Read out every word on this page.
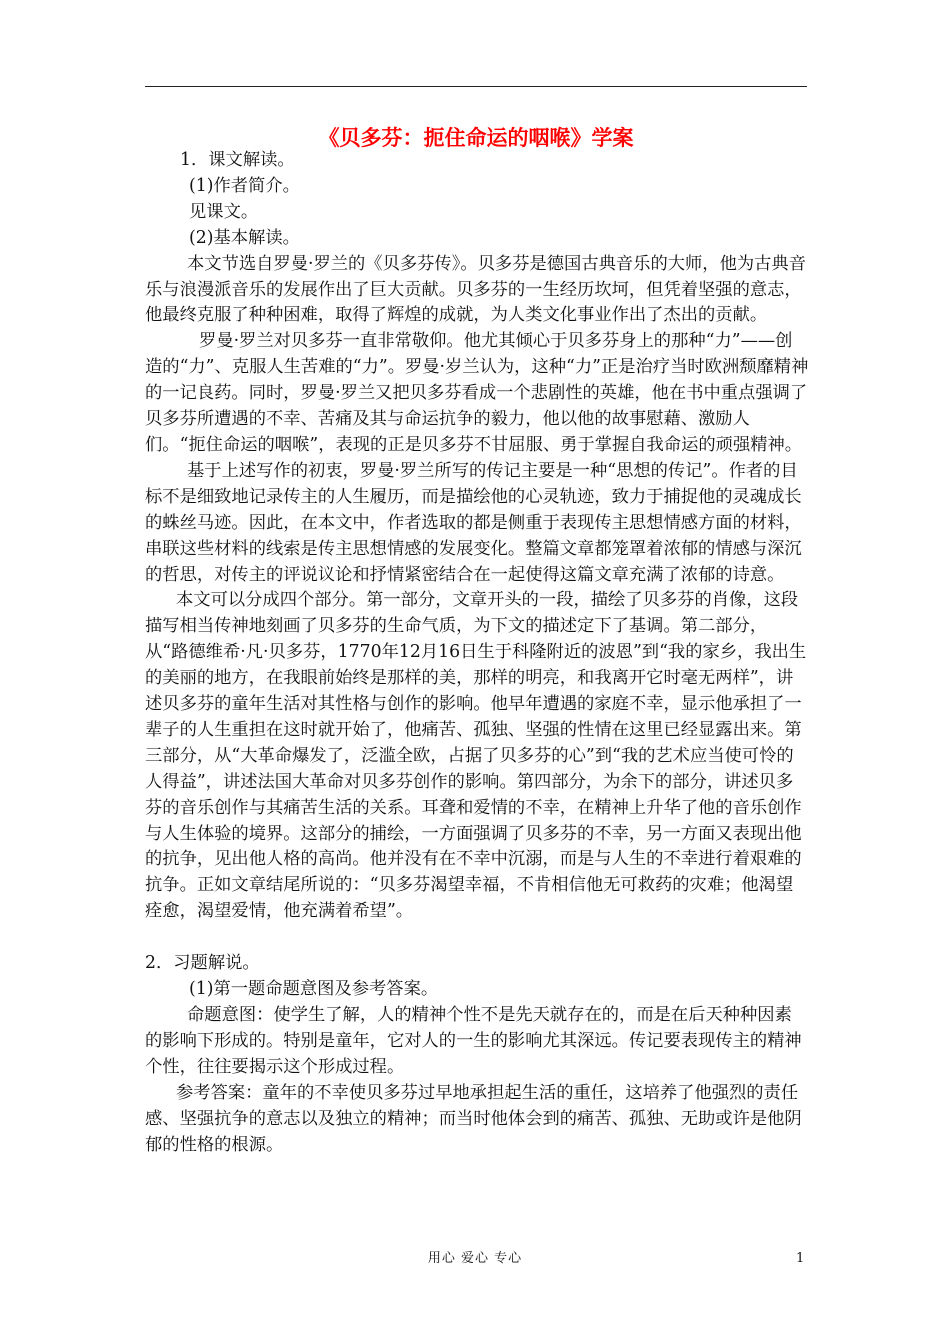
《贝多芬：扼住命运的咽喉》学案

1．课文解读。

(1)作者简介。

见课文。

(2)基本解读。

本文节选自罗曼·罗兰的《贝多芬传》。贝多芬是德国古典音乐的大师，他为古典音乐与浪漫派音乐的发展作出了巨大贡献。贝多芬的一生经历坎坷，但凭着坚强的意志，他最终克服了种种困难，取得了辉煌的成就，为人类文化事业作出了杰出的贡献。

罗曼·罗兰对贝多芬一直非常敬仰。他尤其倾心于贝多芬身上的那种“力”——创造的“力”、克服人生苦难的“力”。罗曼·岁兰认为，这种“力”正是治疗当时欧洲颓靡精神的一记良药。同时，罗曼·罗兰又把贝多芬看成一个悲剧性的英雄，他在书中重点强调了贝多芬所遭遇的不幸、苦痛及其与命运抗争的毅力，他以他的故事慰藉、激励人们。“扼住命运的咽喉”，表现的正是贝多芬不甘屈服、勇于掌握自我命运的顽强精神。

基于上述写作的初衷，罗曼·罗兰所写的传记主要是一种“思想的传记”。作者的目标不是细致地记录传主的人生履历，而是描绘他的心灵轨迹，致力于捕捉他的灵魂成长的蛛丝马迹。因此，在本文中，作者选取的都是侧重于表现传主思想情感方面的材料，串联这些材料的线索是传主思想情感的发展变化。整篇文章都笼罩着浓郁的情感与深沉的哲思，对传主的评说议论和抒情紧密结合在一起使得这篇文章充满了浓郁的诗意。

本文可以分成四个部分。第一部分，文章开头的一段，描绘了贝多芬的肖像，这段描写相当传神地刻画了贝多芬的生命气质，为下文的描述定下了基调。第二部分，从“路德维希·凡·贝多芬，1770年12月16日生于科隆附近的波恩”到“我的家乡，我出生的美丽的地方，在我眼前始终是那样的美，那样的明亮，和我离开它时毫无两样”，讲述贝多芬的童年生活对其性格与创作的影响。他早年遭遇的家庭不幸，显示他承担了一辈子的人生重担在这时就开始了，他痛苦、孤独、坚强的性情在这里已经显露出来。第三部分，从“大革命爆发了，泛滥全欧，占据了贝多芬的心”到“我的艺术应当使可怜的人得益”，讲述法国大革命对贝多芬创作的影响。第四部分，为余下的部分，讲述贝多芬的音乐创作与其痛苦生活的关系。耳聋和爱情的不幸，在精神上升华了他的音乐创作与人生体验的境界。这部分的捕绘，一方面强调了贝多芬的不幸，另一方面又表现出他的抗争，见出他人格的高尚。他并没有在不幸中沉溺，而是与人生的不幸进行着艰难的抗争。正如文章结尾所说的：“贝多芬渴望幸福，不肯相信他无可救药的灾难；他渴望痊愈，渴望爱情，他充满着希望”。

2．习题解说。

(1)第一题命题意图及参考答案。

命题意图：使学生了解，人的精神个性不是先天就存在的，而是在后天种种因素的影响下形成的。特别是童年，它对人的一生的影响尤其深远。传记要表现传主的精神个性，往往要揭示这个形成过程。

参考答案：童年的不幸使贝多芬过早地承担起生活的重任，这培养了他强烈的责任感、坚强抗争的意志以及独立的精神；而当时他体会到的痛苦、孤独、无助或许是他阴郁的性格的根源。

用心 爱心 专心	1
